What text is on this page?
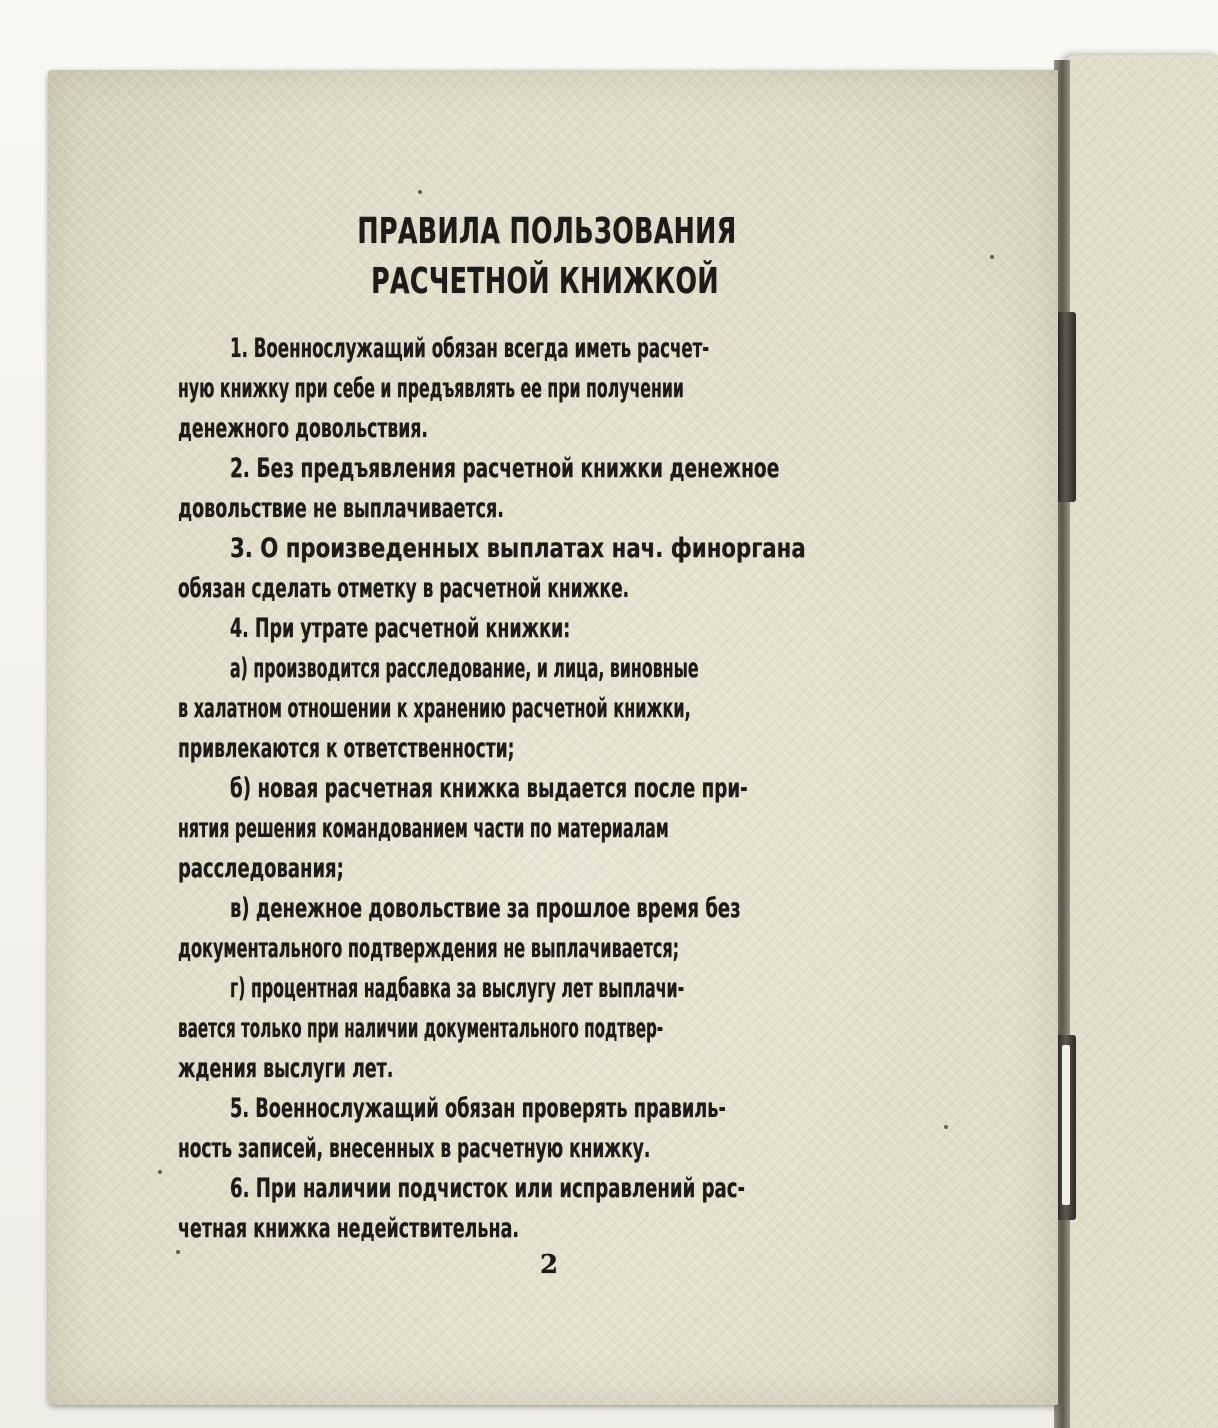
ПРАВИЛА ПОЛЬЗОВАНИЯ
РАСЧЕТНОЙ КНИЖКОЙ
1. Военнослужащий обязан всегда иметь расчет-
ную книжку при себе и предъявлять ее при получении
денежного довольствия.
2. Без предъявления расчетной книжки денежное
довольствие не выплачивается.
3. О произведенных выплатах нач. финоргана
обязан сделать отметку в расчетной книжке.
4. При утрате расчетной книжки:
а) производится расследование, и лица, виновные
в халатном отношении к хранению расчетной книжки,
привлекаются к ответственности;
б) новая расчетная книжка выдается после при-
нятия решения командованием части по материалам
расследования;
в) денежное довольствие за прошлое время без
документального подтверждения не выплачивается;
г) процентная надбавка за выслугу лет выплачи-
вается только при наличии документального подтвер-
ждения выслуги лет.
5. Военнослужащий обязан проверять правиль-
ность записей, внесенных в расчетную книжку.
6. При наличии подчисток или исправлений рас-
четная книжка недействительна.
2
